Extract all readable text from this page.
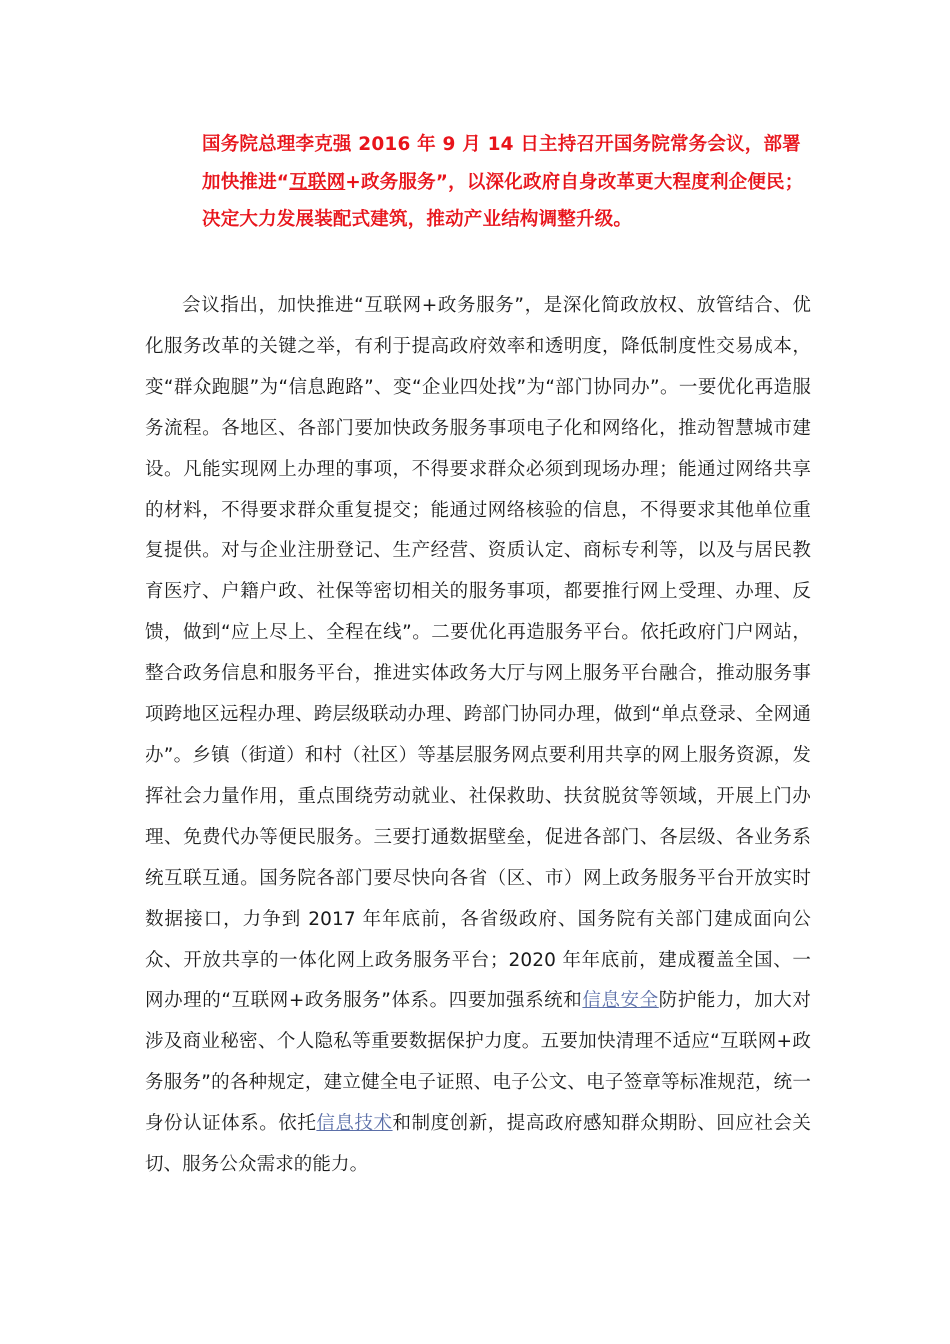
国务院总理李克强 2016 年 9 月 14 日主持召开国务院常务会议，部署加快推进“互联网+政务服务”，以深化政府自身改革更大程度利企便民；决定大力发展装配式建筑，推动产业结构调整升级。

会议指出，加快推进“互联网+政务服务”，是深化简政放权、放管结合、优化服务改革的关键之举，有利于提高政府效率和透明度，降低制度性交易成本，变“群众跑腿”为“信息跑路”、变“企业四处找”为“部门协同办”。一要优化再造服务流程。各地区、各部门要加快政务服务事项电子化和网络化，推动智慧城市建设。凡能实现网上办理的事项，不得要求群众必须到现场办理；能通过网络共享的材料，不得要求群众重复提交；能通过网络核验的信息，不得要求其他单位重复提供。对与企业注册登记、生产经营、资质认定、商标专利等，以及与居民教育医疗、户籍户政、社保等密切相关的服务事项，都要推行网上受理、办理、反馈，做到“应上尽上、全程在线”。二要优化再造服务平台。依托政府门户网站，整合政务信息和服务平台，推进实体政务大厅与网上服务平台融合，推动服务事项跨地区远程办理、跨层级联动办理、跨部门协同办理，做到“单点登录、全网通办”。乡镇（街道）和村（社区）等基层服务网点要利用共享的网上服务资源，发挥社会力量作用，重点围绕劳动就业、社保救助、扶贫脱贫等领域，开展上门办理、免费代办等便民服务。三要打通数据壁垒，促进各部门、各层级、各业务系统互联互通。国务院各部门要尽快向各省（区、市）网上政务服务平台开放实时数据接口，力争到 2017 年年底前，各省级政府、国务院有关部门建成面向公众、开放共享的一体化网上政务服务平台；2020 年年底前，建成覆盖全国、一网办理的“互联网+政务服务”体系。四要加强系统和信息安全防护能力，加大对涉及商业秘密、个人隐私等重要数据保护力度。五要加快清理不适应“互联网+政务服务”的各种规定，建立健全电子证照、电子公文、电子签章等标准规范，统一身份认证体系。依托信息技术和制度创新，提高政府感知群众期盼、回应社会关切、服务公众需求的能力。
